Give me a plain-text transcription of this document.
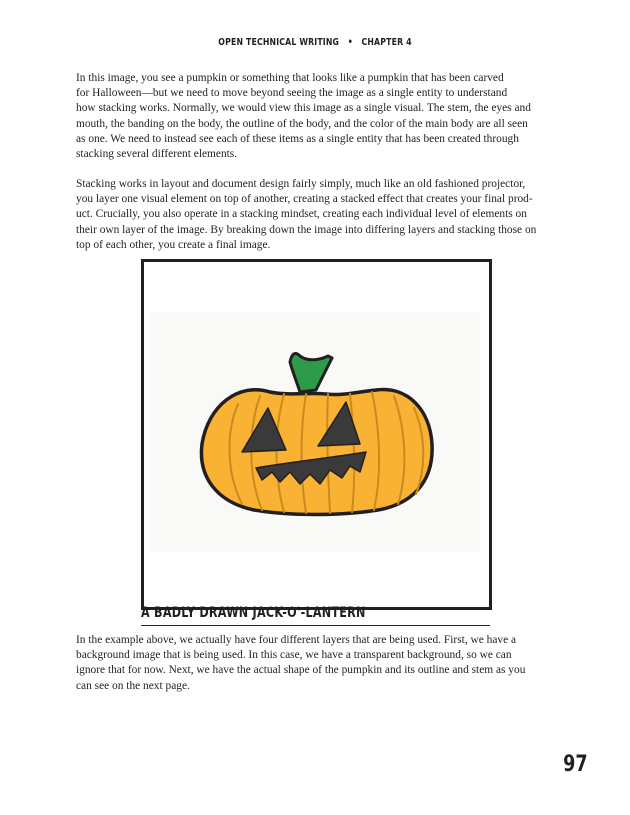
OPEN TECHNICAL WRITING • CHAPTER 4
In this image, you see a pumpkin or something that looks like a pumpkin that has been carved
for Halloween—but we need to move beyond seeing the image as a single entity to understand
how stacking works. Normally, we would view this image as a single visual. The stem, the eyes and
mouth, the banding on the body, the outline of the body, and the color of the main body are all seen
as one. We need to instead see each of these items as a single entity that has been created through
stacking several different elements.
Stacking works in layout and document design fairly simply, much like an old fashioned projector,
you layer one visual element on top of another, creating a stacked effect that creates your final prod-
uct. Crucially, you also operate in a stacking mindset, creating each individual level of elements on
their own layer of the image. By breaking down the image into differing layers and stacking those on
top of each other, you create a final image.
A BADLY DRAWN JACK-O'-LANTERN
In the example above, we actually have four different layers that are being used. First, we have a
background image that is being used. In this case, we have a transparent background, so we can
ignore that for now. Next, we have the actual shape of the pumpkin and its outline and stem as you
can see on the next page.
97
